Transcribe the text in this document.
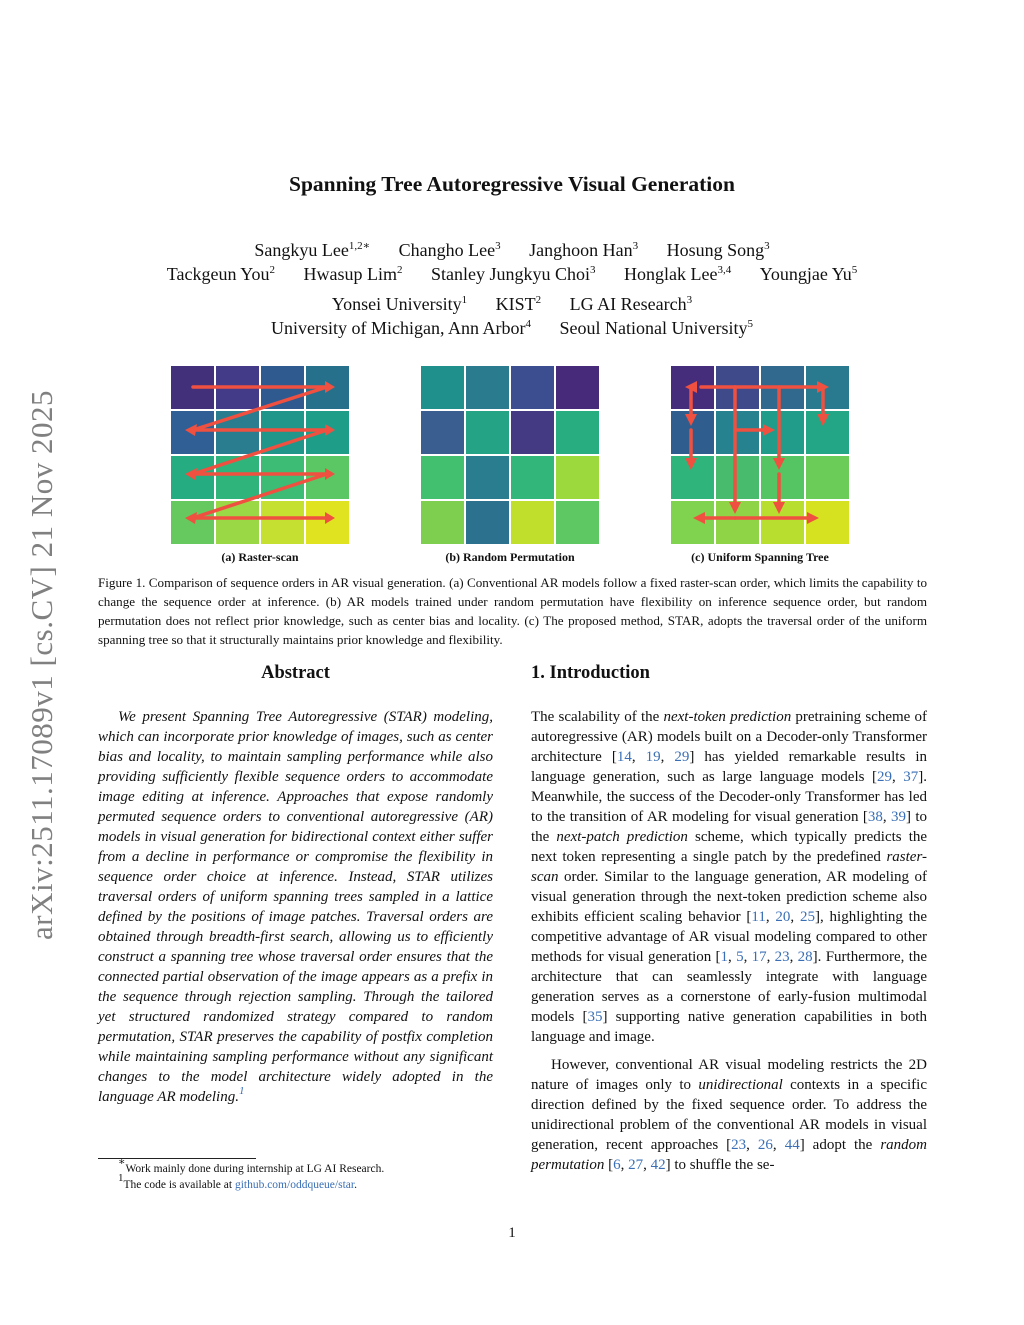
arXiv:2511.17089v1 [cs.CV] 21 Nov 2025
Spanning Tree Autoregressive Visual Generation
Sangkyu Lee$^{1,2∗}$ Changho Lee$^3$ Janghoon Han$^3$ Hosung Song$^3$
Tackgeun You$^2$ Hwasup Lim$^2$ Stanley Jungkyu Choi$^3$ Honglak Lee$^{3,4}$ Youngjae Yu$^5$
Yonsei University$^1$ KIST$^2$ LG AI Research$^3$
University of Michigan, Ann Arbor$^4$ Seoul National University$^5$
(a) Raster-scan	(b) Random Permutation	(c) Uniform Spanning Tree
Figure 1. Comparison of sequence orders in AR visual generation. (a) Conventional AR models follow a fixed raster-scan order, which limits the capability to change the sequence order at inference. (b) AR models trained under random permutation have flexibility on inference sequence order, but random permutation does not reflect prior knowledge, such as center bias and locality. (c) The proposed method, STAR, adopts the traversal order of the uniform spanning tree so that it structurally maintains prior knowledge and flexibility.
Abstract

We present Spanning Tree Autoregressive (STAR) modeling, which can incorporate prior knowledge of images, such as center bias and locality, to maintain sampling performance while also providing sufficiently flexible sequence orders to accommodate image editing at inference. Approaches that expose randomly permuted sequence orders to conventional autoregressive (AR) models in visual generation for bidirectional context either suffer from a decline in performance or compromise the flexibility in sequence order choice at inference. Instead, STAR utilizes traversal orders of uniform spanning trees sampled in a lattice defined by the positions of image patches. Traversal orders are obtained through breadth-first search, allowing us to efficiently construct a spanning tree whose traversal order ensures that the connected partial observation of the image appears as a prefix in the sequence through rejection sampling. Through the tailored yet structured randomized strategy compared to random permutation, STAR preserves the capability of postfix completion while maintaining sampling performance without any significant changes to the model architecture widely adopted in the language AR modeling.$^1$

∗Work mainly done during internship at LG AI Research.
$^1$The code is available at github.com/oddqueue/star.
1. Introduction

The scalability of the next-token prediction pretraining scheme of autoregressive (AR) models built on a Decoder-only Transformer architecture [14, 19, 29] has yielded remarkable results in language generation, such as large language models [29, 37]. Meanwhile, the success of the Decoder-only Transformer has led to the transition of AR modeling for visual generation [38, 39] to the next-patch prediction scheme, which typically predicts the next token representing a single patch by the predefined raster-scan order. Similar to the language generation, AR modeling of visual generation through the next-token prediction scheme also exhibits efficient scaling behavior [11, 20, 25], highlighting the competitive advantage of AR visual modeling compared to other methods for visual generation [1, 5, 17, 23, 28]. Furthermore, the architecture that can seamlessly integrate with language generation serves as a cornerstone of early-fusion multimodal models [35] supporting native generation capabilities in both language and image.

However, conventional AR visual modeling restricts the 2D nature of images only to unidirectional contexts in a specific direction defined by the fixed sequence order. To address the unidirectional problem of the conventional AR models in visual generation, recent approaches [23, 26, 44] adopt the random permutation [6, 27, 42] to shuffle the se-

1
